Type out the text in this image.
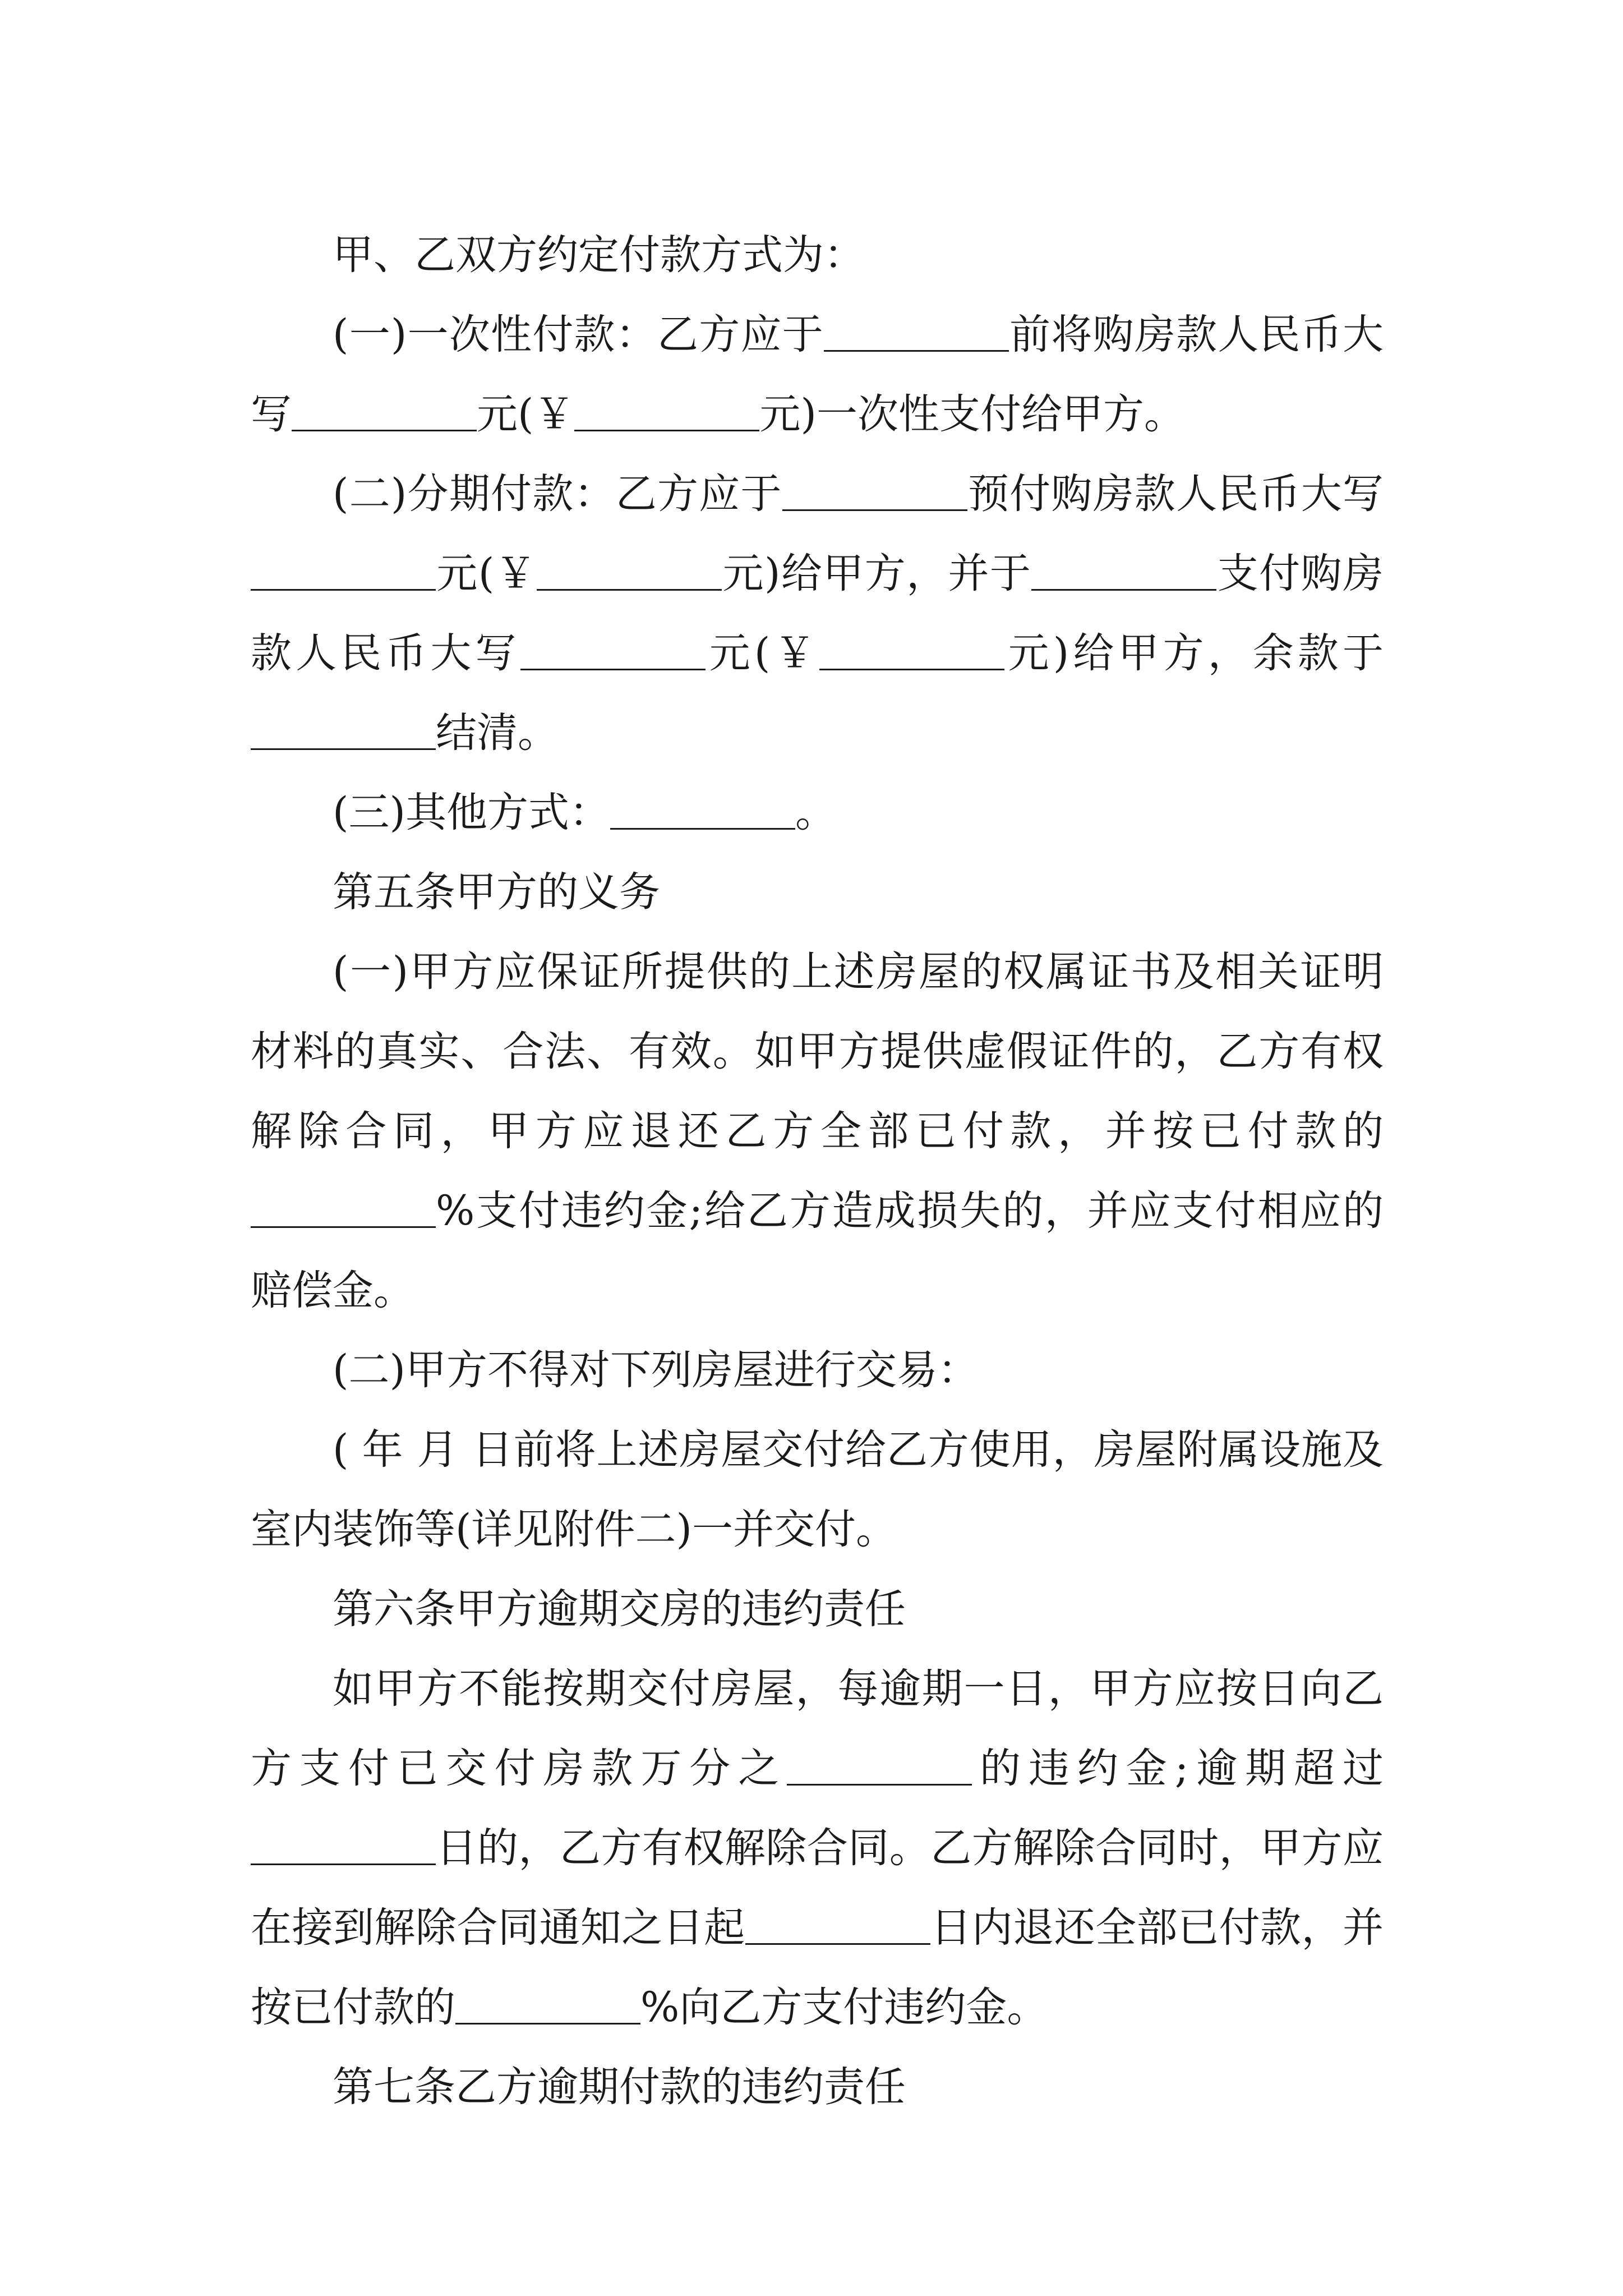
甲、乙双方约定付款方式为：

(一)一次性付款：乙方应于	前将购房款人民币大写	元(￥	元)一次性支付给甲方。

(二)分期付款：乙方应于	预付购房款人民币大写元(￥	元)给甲方，并于	支付购房款人民币大写	元(￥	元)给甲方，余款于结清。

(三)其他方式：	。

第五条甲方的义务

(一)甲方应保证所提供的上述房屋的权属证书及相关证明材料的真实、合法、有效。如甲方提供虚假证件的，乙方有权解除合同，甲方应退还乙方全部已付款，并按已付款的%支付违约金;给乙方造成损失的，并应支付相应的赔偿金。

(二)甲方不得对下列房屋进行交易：

( 年 月 日前将上述房屋交付给乙方使用，房屋附属设施及室内装饰等(详见附件二)一并交付。

第六条甲方逾期交房的违约责任

如甲方不能按期交付房屋，每逾期一日，甲方应按日向乙方支付已交付房款万分之	的违约金;逾期超过日的，乙方有权解除合同。乙方解除合同时，甲方应在接到解除合同通知之日起	日内退还全部已付款，并按已付款的	%向乙方支付违约金。

第七条乙方逾期付款的违约责任
